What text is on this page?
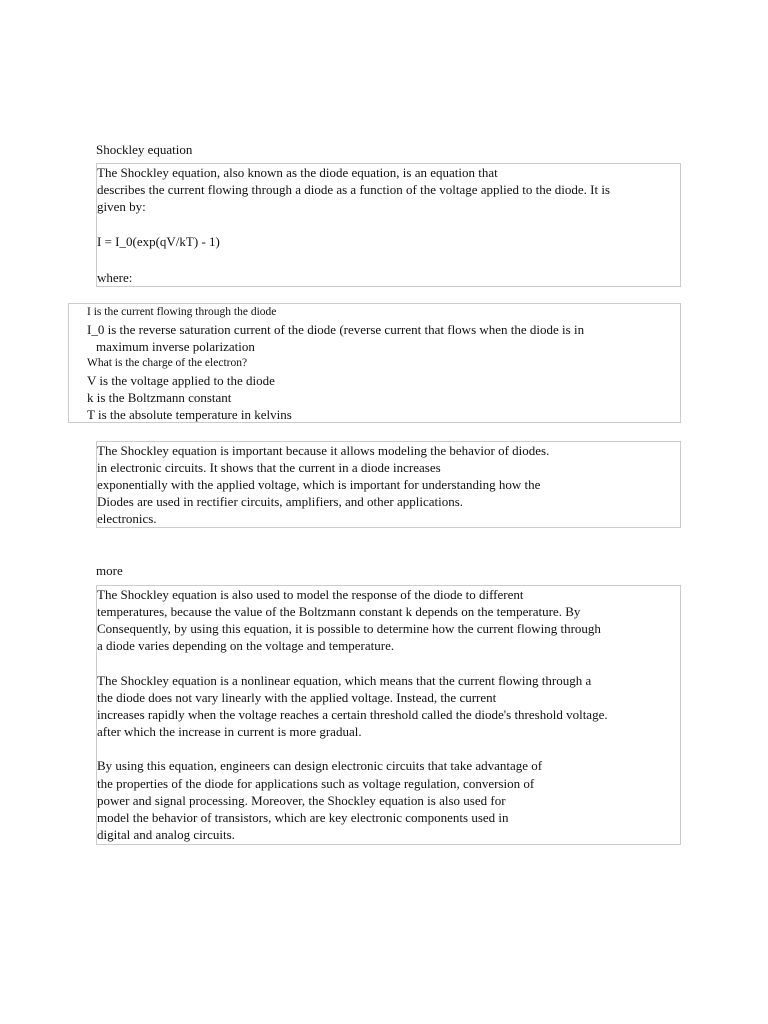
Shockley equation
The Shockley equation, also known as the diode equation, is an equation that
describes the current flowing through a diode as a function of the voltage applied to the diode. It is
given by:
I = I_0(exp(qV/kT) - 1)
where:
I is the current flowing through the diode
I_0 is the reverse saturation current of the diode (reverse current that flows when the diode is in
maximum inverse polarization
What is the charge of the electron?
V is the voltage applied to the diode
k is the Boltzmann constant
T is the absolute temperature in kelvins
The Shockley equation is important because it allows modeling the behavior of diodes.
in electronic circuits. It shows that the current in a diode increases
exponentially with the applied voltage, which is important for understanding how the
Diodes are used in rectifier circuits, amplifiers, and other applications.
electronics.
more
The Shockley equation is also used to model the response of the diode to different
temperatures, because the value of the Boltzmann constant k depends on the temperature. By
Consequently, by using this equation, it is possible to determine how the current flowing through
a diode varies depending on the voltage and temperature.
The Shockley equation is a nonlinear equation, which means that the current flowing through a
the diode does not vary linearly with the applied voltage. Instead, the current
increases rapidly when the voltage reaches a certain threshold called the diode's threshold voltage.
after which the increase in current is more gradual.
By using this equation, engineers can design electronic circuits that take advantage of
the properties of the diode for applications such as voltage regulation, conversion of
power and signal processing. Moreover, the Shockley equation is also used for
model the behavior of transistors, which are key electronic components used in
digital and analog circuits.
